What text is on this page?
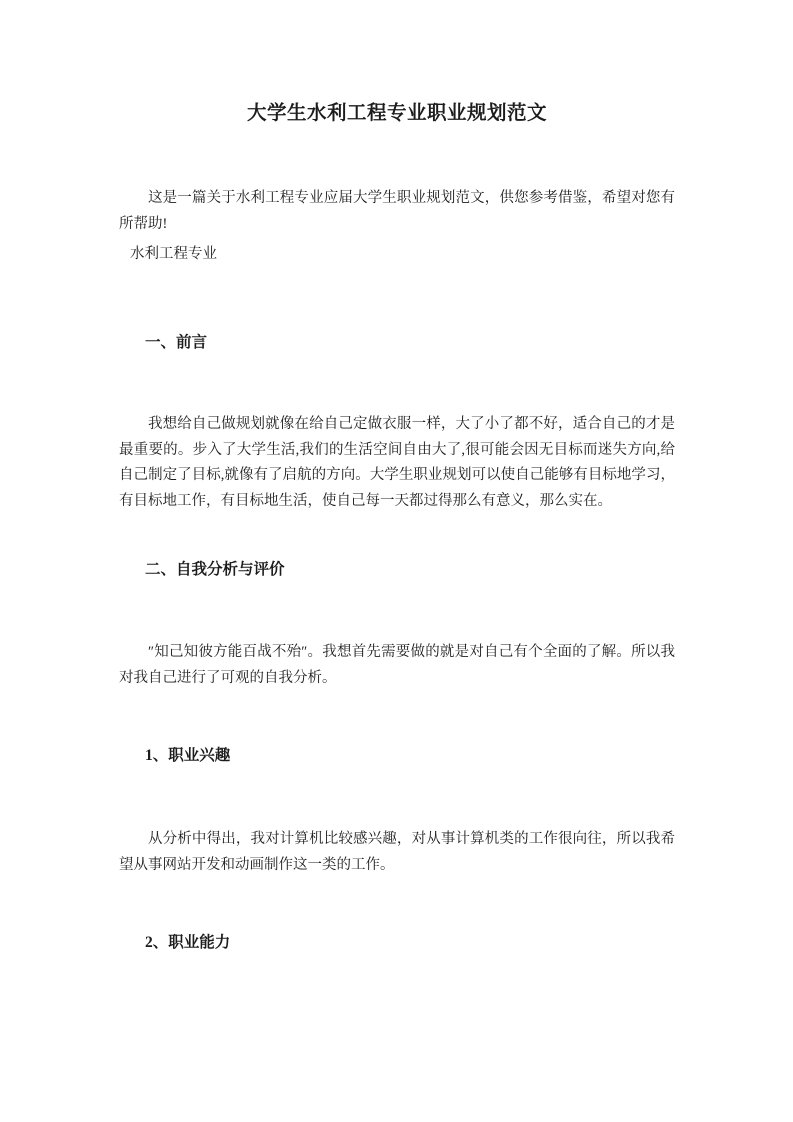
大学生水利工程专业职业规划范文

这是一篇关于水利工程专业应届大学生职业规划范文，供您参考借鉴，希望对您有所帮助!

水利工程专业

一、前言

我想给自己做规划就像在给自己定做衣服一样，大了小了都不好，适合自己的才是最重要的。步入了大学生活,我们的生活空间自由大了,很可能会因无目标而迷失方向,给自己制定了目标,就像有了启航的方向。大学生职业规划可以使自己能够有目标地学习，有目标地工作，有目标地生活，使自己每一天都过得那么有意义，那么实在。

二、自我分析与评价

″知己知彼方能百战不殆″。我想首先需要做的就是对自己有个全面的了解。所以我对我自己进行了可观的自我分析。

1、职业兴趣

从分析中得出，我对计算机比较感兴趣，对从事计算机类的工作很向往，所以我希望从事网站开发和动画制作这一类的工作。

2、职业能力
